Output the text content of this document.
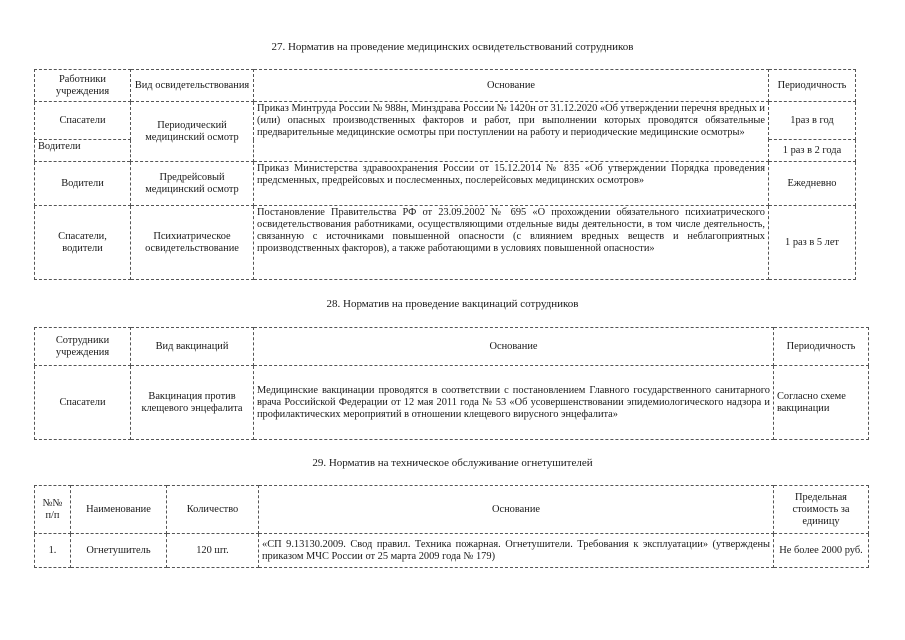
27. Норматив на проведение медицинских освидетельствований сотрудников
Работники учреждения	Вид освидетельствования	Основание	Периодичность
Спасатели	Периодический медицинский осмотр	Приказ Минтруда России № 988н, Минздрава России № 1420н от 31.12.2020 «Об утверждении перечня вредных и (или) опасных производственных факторов и работ, при выполнении которых проводятся обязательные предварительные медицинские осмотры при поступлении на работу и периодические медицинские осмотры»	1раз в год
Водители			1 раз в 2 года
Водители	Предрейсовый медицинский осмотр	Приказ Министерства здравоохранения России от 15.12.2014 № 835 «Об утверждении Порядка проведения предсменных, предрейсовых и послесменных, послерейсовых медицинских осмотров»	Ежедневно
Спасатели, водители	Психиатрическое освидетельствование	Постановление Правительства РФ от 23.09.2002 № 695 «О прохождении обязательного психиатрического освидетельствования работниками, осуществляющими отдельные виды деятельности, в том числе деятельность, связанную с источниками повышенной опасности (с влиянием вредных веществ и неблагоприятных производственных факторов), а также работающими в условиях повышенной опасности»	1 раз в 5 лет
28. Норматив на проведение вакцинаций сотрудников
Сотрудники учреждения	Вид вакцинаций	Основание	Периодичность
Спасатели	Вакцинация против клещевого энцефалита	Медицинские вакцинации проводятся в соответствии с постановлением Главного государственного санитарного врача Российской Федерации от 12 мая 2011 года № 53 «Об усовершенствовании эпидемиологического надзора и профилактических мероприятий в отношении клещевого вирусного энцефалита»	Согласно схеме вакцинации
29. Норматив на техническое обслуживание огнетушителей
№№ п/п	Наименование	Количество	Основание	Предельная стоимость за единицу
1.	Огнетушитель	120 шт.	«СП 9.13130.2009. Свод правил. Техника пожарная. Огнетушители. Требования к эксплуатации» (утверждены приказом МЧС России от 25 марта 2009 года № 179)	Не более 2000 руб.
